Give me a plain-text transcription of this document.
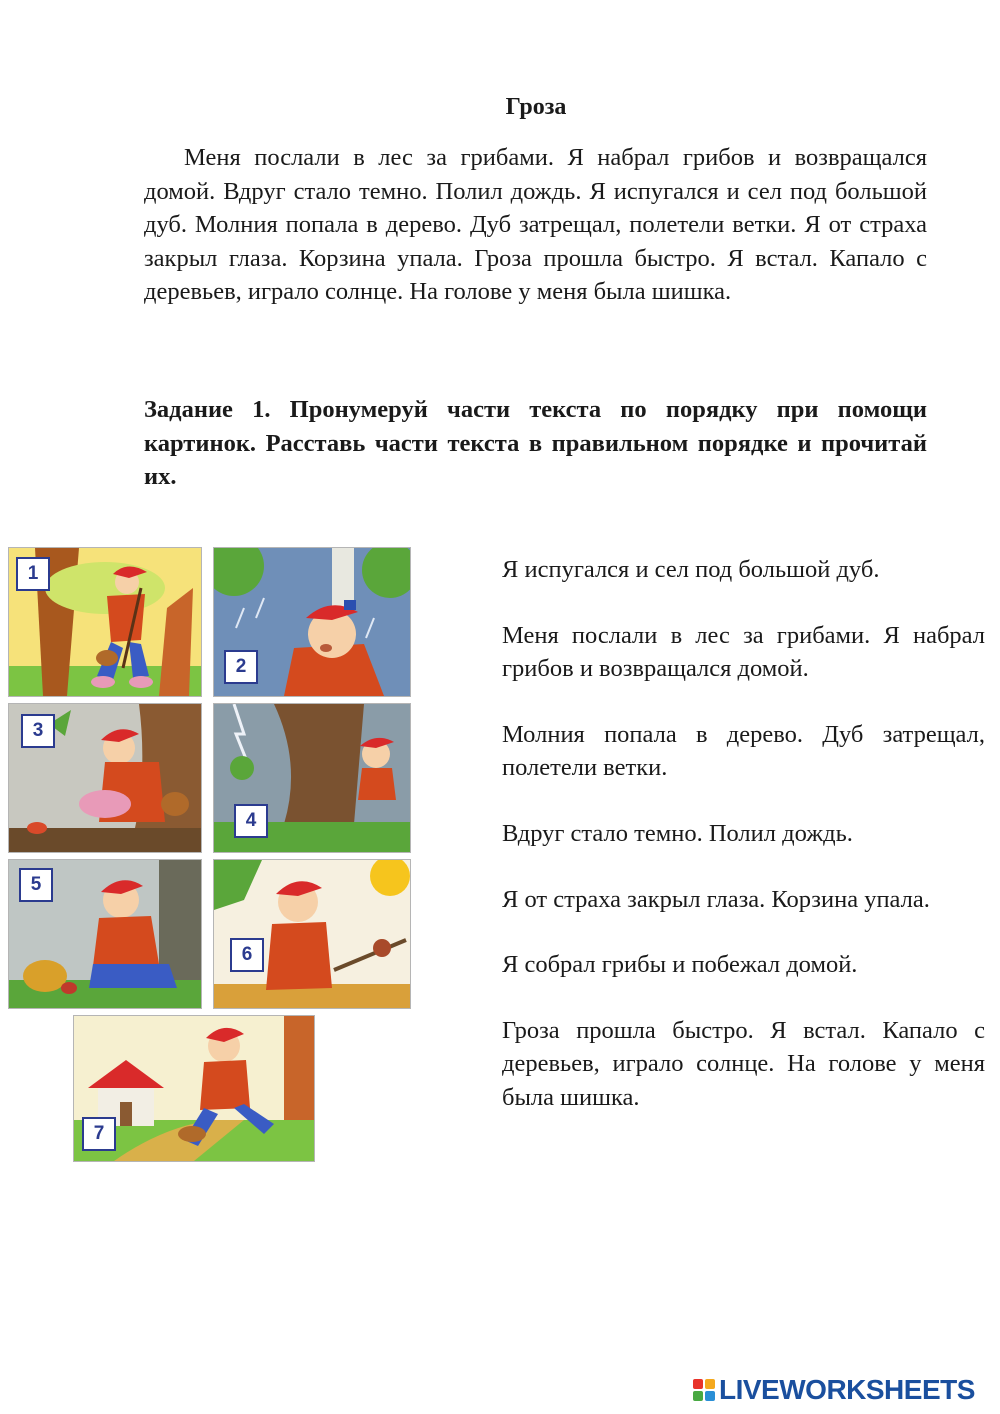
Гроза

Меня послали в лес за грибами. Я набрал грибов и возвращался домой. Вдруг стало темно. Полил дождь. Я испугался и сел под большой дуб. Молния попала в дерево. Дуб затрещал, полетели ветки. Я от страха закрыл глаза. Корзина упала. Гроза прошла быстро. Я встал. Капало с деревьев, играло солнце. На голове у меня была шишка.

Задание 1. Пронумеруй части текста по порядку при помощи картинок. Расставь части текста в правильном порядке и прочитай их.

1
2
3
4
5
6
7

Я испугался и сел под большой дуб.

Меня послали в лес за грибами. Я набрал грибов и возвращался домой.

Молния попала в дерево. Дуб затрещал, полетели ветки.

Вдруг стало темно. Полил дождь.

Я от страха закрыл глаза. Корзина упала.

Я собрал грибы и побежал домой.

Гроза прошла быстро. Я встал. Капало с деревьев, играло солнце. На голове у меня была шишка.

LIVEWORKSHEETS
